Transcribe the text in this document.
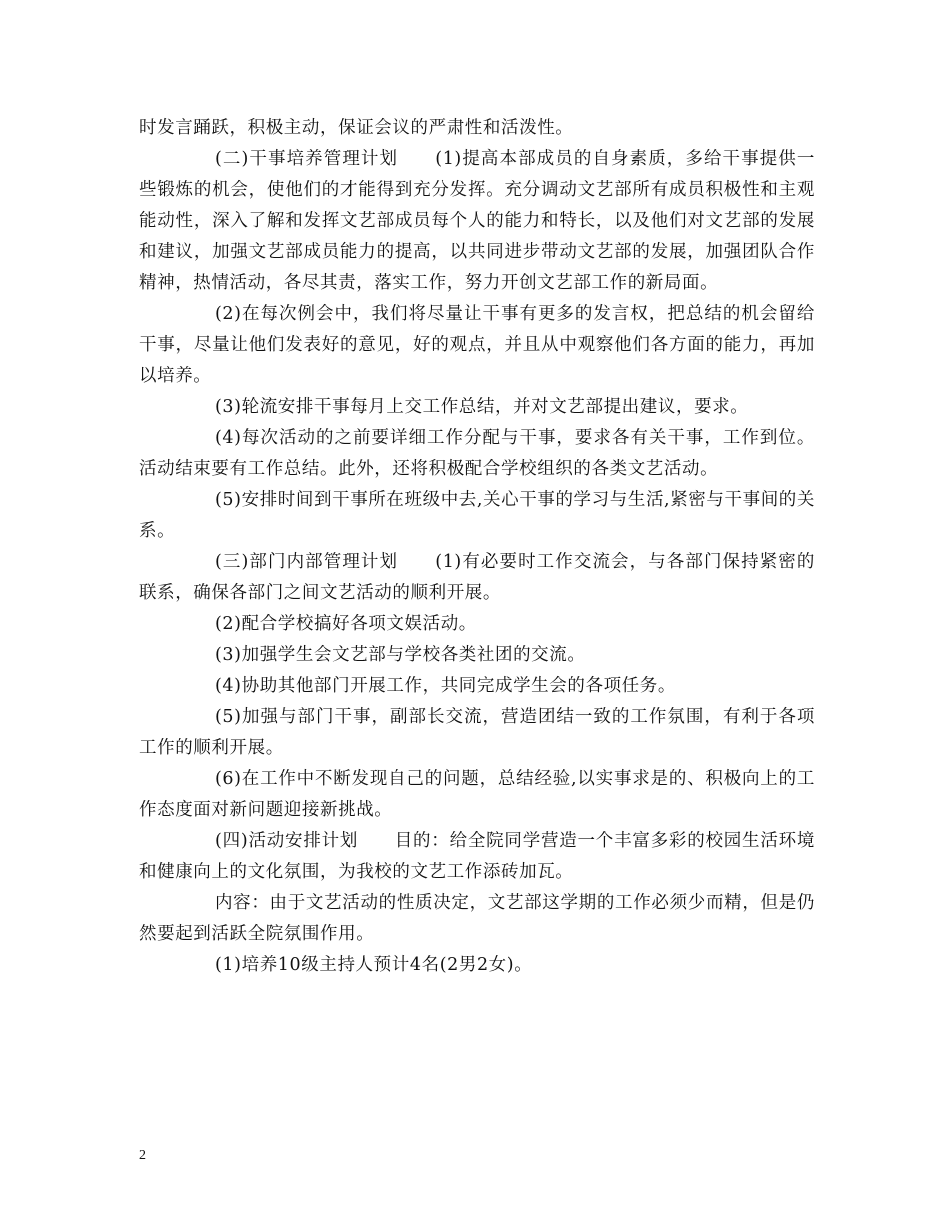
时发言踊跃，积极主动，保证会议的严肃性和活泼性。

(二)干事培养管理计划　　(1)提高本部成员的自身素质，多给干事提供一些锻炼的机会，使他们的才能得到充分发挥。充分调动文艺部所有成员积极性和主观能动性，深入了解和发挥文艺部成员每个人的能力和特长，以及他们对文艺部的发展和建议，加强文艺部成员能力的提高，以共同进步带动文艺部的发展，加强团队合作精神，热情活动，各尽其责，落实工作，努力开创文艺部工作的新局面。

(2)在每次例会中，我们将尽量让干事有更多的发言权，把总结的机会留给干事，尽量让他们发表好的意见，好的观点，并且从中观察他们各方面的能力，再加以培养。

(3)轮流安排干事每月上交工作总结，并对文艺部提出建议，要求。

(4)每次活动的之前要详细工作分配与干事，要求各有关干事，工作到位。活动结束要有工作总结。此外，还将积极配合学校组织的各类文艺活动。

(5)安排时间到干事所在班级中去,关心干事的学习与生活,紧密与干事间的关系。

(三)部门内部管理计划　　(1)有必要时工作交流会，与各部门保持紧密的联系，确保各部门之间文艺活动的顺利开展。

(2)配合学校搞好各项文娱活动。

(3)加强学生会文艺部与学校各类社团的交流。

(4)协助其他部门开展工作，共同完成学生会的各项任务。

(5)加强与部门干事，副部长交流，营造团结一致的工作氛围，有利于各项工作的顺利开展。

(6)在工作中不断发现自己的问题，总结经验,以实事求是的、积极向上的工作态度面对新问题迎接新挑战。

(四)活动安排计划　　目的：给全院同学营造一个丰富多彩的校园生活环境和健康向上的文化氛围，为我校的文艺工作添砖加瓦。

内容：由于文艺活动的性质决定，文艺部这学期的工作必须少而精，但是仍然要起到活跃全院氛围作用。

(1)培养10级主持人预计4名(2男2女)。

2
